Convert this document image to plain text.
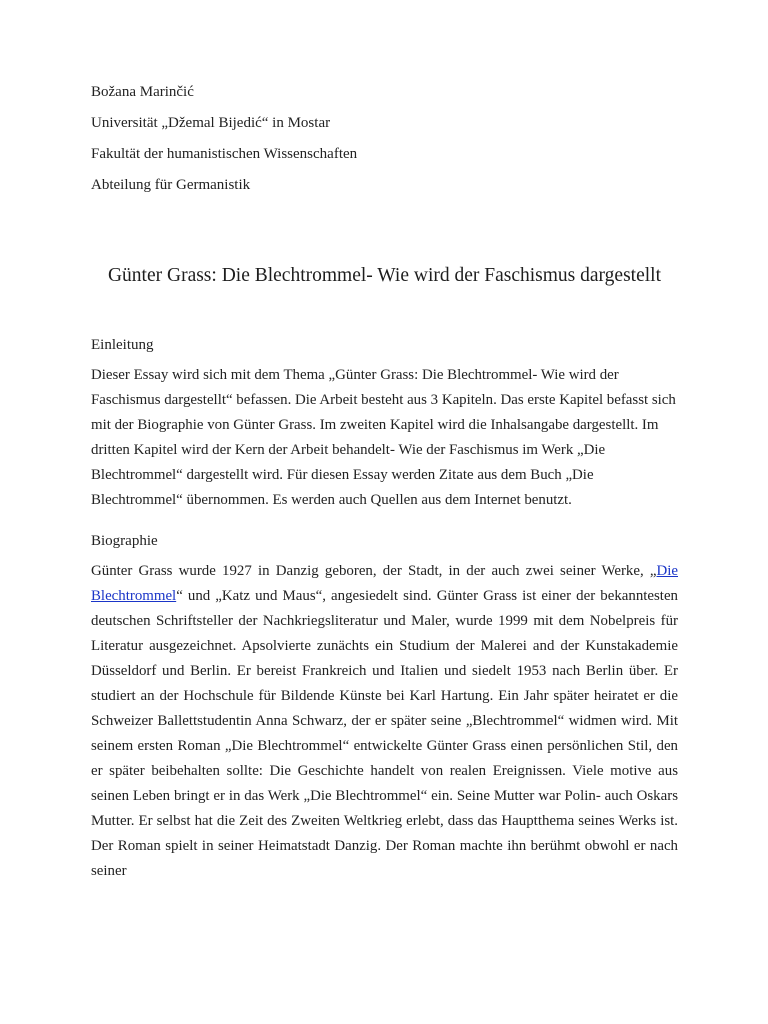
Božana Marinčić

Universität „Džemal Bijedić“ in Mostar

Fakultät der humanistischen Wissenschaften

Abteilung für Germanistik

Günter Grass: Die Blechtrommel- Wie wird der Faschismus dargestellt
Einleitung

Dieser Essay wird sich mit dem Thema „Günter Grass: Die Blechtrommel- Wie wird der Faschismus dargestellt“ befassen. Die Arbeit besteht aus 3 Kapiteln. Das erste Kapitel befasst sich mit der Biographie von Günter Grass. Im zweiten Kapitel wird die Inhalsangabe dargestellt. Im dritten Kapitel wird der Kern der Arbeit behandelt- Wie der Faschismus im Werk „Die Blechtrommel“ dargestellt wird. Für diesen Essay werden Zitate aus dem Buch „Die Blechtrommel“ übernommen. Es werden auch Quellen aus dem Internet benutzt.

Biographie

Günter Grass wurde 1927 in Danzig geboren, der Stadt, in der auch zwei seiner Werke, „Die Blechtrommel“ und „Katz und Maus“, angesiedelt sind. Günter Grass ist einer der bekanntesten deutschen Schriftsteller der Nachkriegsliteratur und Maler, wurde 1999 mit dem Nobelpreis für Literatur ausgezeichnet. Apsolvierte zunächts ein Studium der Malerei and der Kunstakademie Düsseldorf und Berlin. Er bereist Frankreich und Italien und siedelt 1953 nach Berlin über. Er studiert an der Hochschule für Bildende Künste bei Karl Hartung. Ein Jahr später heiratet er die Schweizer Ballettstudentin Anna Schwarz, der er später seine „Blechtrommel“ widmen wird. Mit seinem ersten Roman „Die Blechtrommel“ entwickelte Günter Grass einen persönlichen Stil, den er später beibehalten sollte: Die Geschichte handelt von realen Ereignissen. Viele motive aus seinen Leben bringt er in das Werk „Die Blechtrommel“ ein. Seine Mutter war Polin- auch Oskars Mutter. Er selbst hat die Zeit des Zweiten Weltkrieg erlebt, dass das Hauptthema seines Werks ist. Der Roman spielt in seiner Heimatstadt Danzig. Der Roman machte ihn berühmt obwohl er nach seiner
